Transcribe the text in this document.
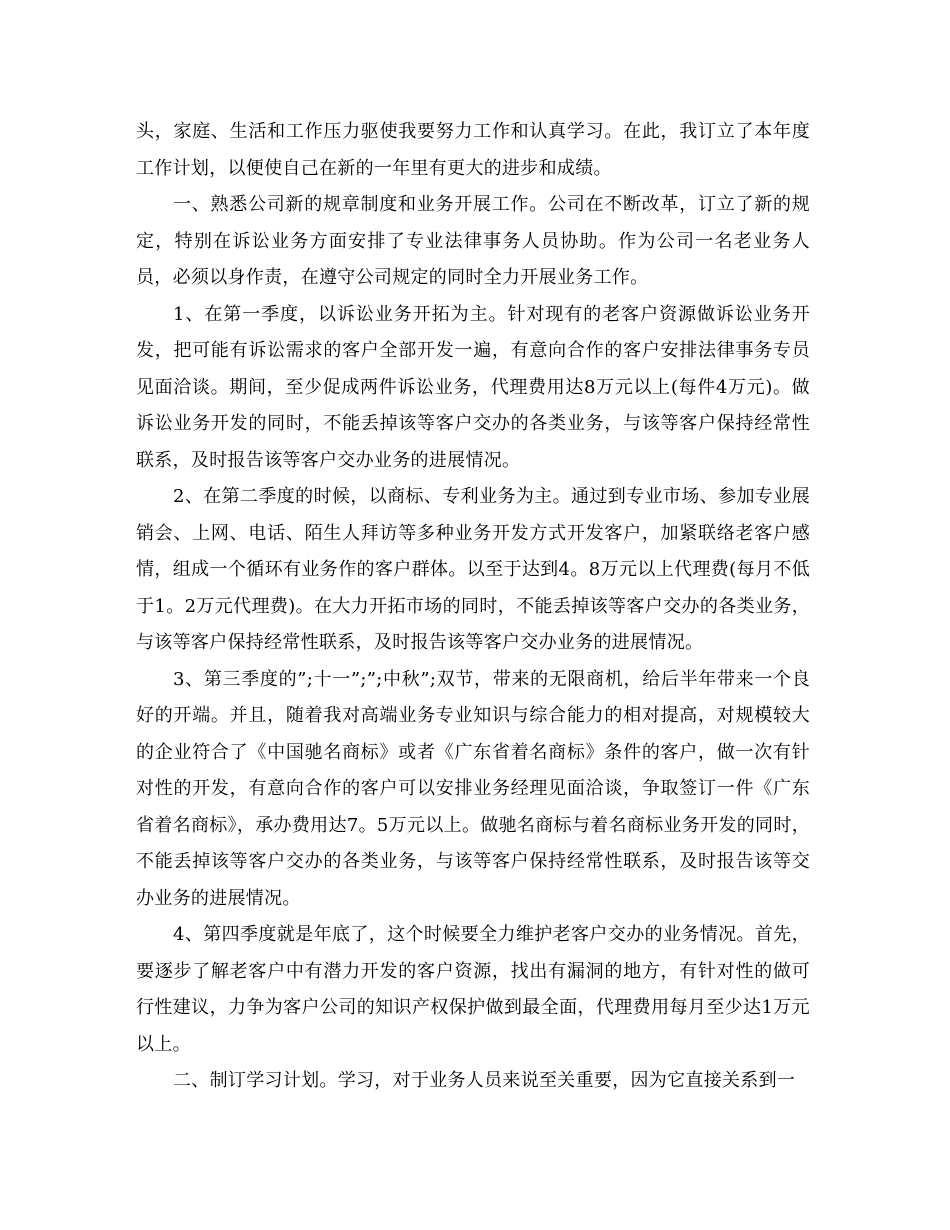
头，家庭、生活和工作压力驱使我要努力工作和认真学习。在此，我订立了本年度工作计划，以便使自己在新的一年里有更大的进步和成绩。

一、熟悉公司新的规章制度和业务开展工作。公司在不断改革，订立了新的规定，特别在诉讼业务方面安排了专业法律事务人员协助。作为公司一名老业务人员，必须以身作责，在遵守公司规定的同时全力开展业务工作。

1、在第一季度，以诉讼业务开拓为主。针对现有的老客户资源做诉讼业务开发，把可能有诉讼需求的客户全部开发一遍，有意向合作的客户安排法律事务专员见面洽谈。期间，至少促成两件诉讼业务，代理费用达8万元以上(每件4万元)。做诉讼业务开发的同时，不能丢掉该等客户交办的各类业务，与该等客户保持经常性联系，及时报告该等客户交办业务的进展情况。

2、在第二季度的时候，以商标、专利业务为主。通过到专业市场、参加专业展销会、上网、电话、陌生人拜访等多种业务开发方式开发客户，加紧联络老客户感情，组成一个循环有业务作的客户群体。以至于达到4。8万元以上代理费(每月不低于1。2万元代理费)。在大力开拓市场的同时，不能丢掉该等客户交办的各类业务，与该等客户保持经常性联系，及时报告该等客户交办业务的进展情况。

3、第三季度的”;十一”;”;中秋”;双节，带来的无限商机，给后半年带来一个良好的开端。并且，随着我对高端业务专业知识与综合能力的相对提高，对规模较大的企业符合了《中国驰名商标》或者《广东省着名商标》条件的客户，做一次有针对性的开发，有意向合作的客户可以安排业务经理见面洽谈，争取签订一件《广东省着名商标》，承办费用达7。5万元以上。做驰名商标与着名商标业务开发的同时，不能丢掉该等客户交办的各类业务，与该等客户保持经常性联系，及时报告该等交办业务的进展情况。

4、第四季度就是年底了，这个时候要全力维护老客户交办的业务情况。首先，要逐步了解老客户中有潜力开发的客户资源，找出有漏洞的地方，有针对性的做可行性建议，力争为客户公司的知识产权保护做到最全面，代理费用每月至少达1万元以上。

二、制订学习计划。学习，对于业务人员来说至关重要，因为它直接关系到一
